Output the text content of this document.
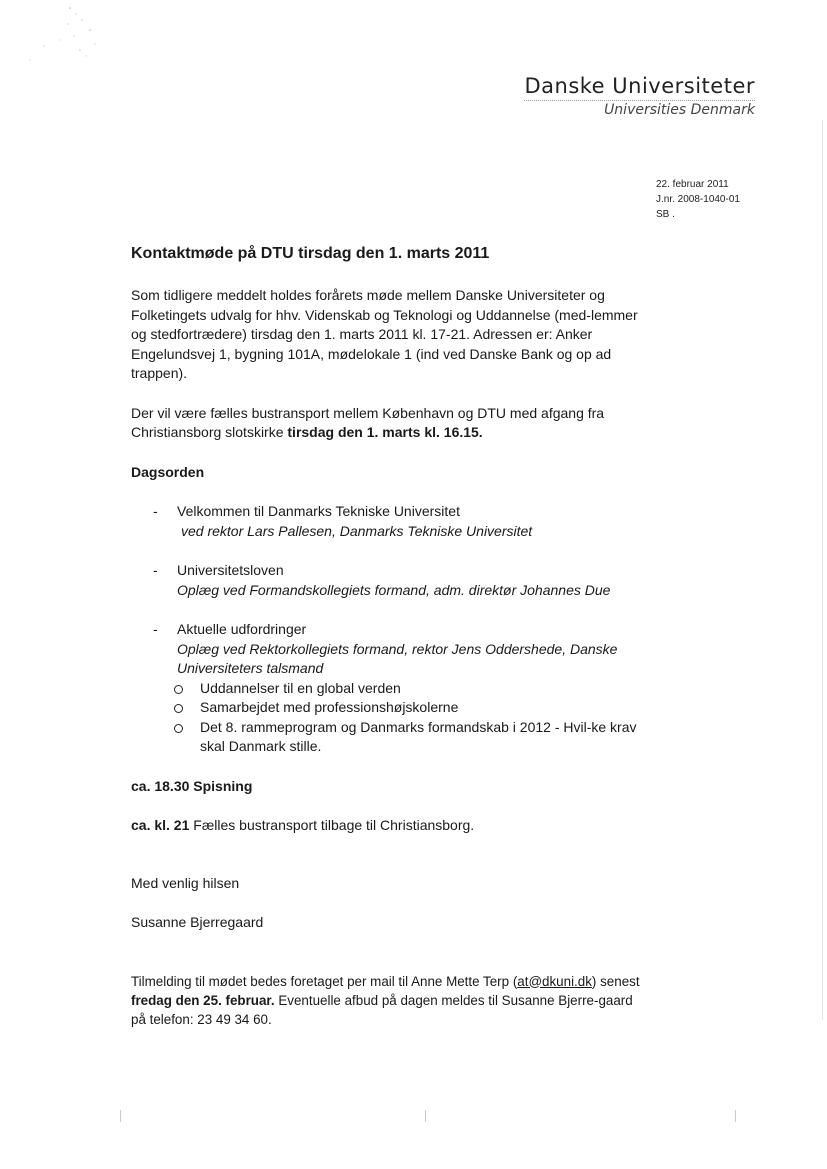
Danske Universiteter
Universities Denmark
22. februar 2011
J.nr. 2008-1040-01
SB .
Kontaktmøde på DTU tirsdag den 1. marts 2011

Som tidligere meddelt holdes forårets møde mellem Danske Universiteter og Folketingets udvalg for hhv. Videnskab og Teknologi og Uddannelse (med-lemmer og stedfortrædere) tirsdag den 1. marts 2011 kl. 17-21. Adressen er: Anker Engelundsvej 1, bygning 101A, mødelokale 1 (ind ved Danske Bank og op ad trappen).

Der vil være fælles bustransport mellem København og DTU med afgang fra Christiansborg slotskirke tirsdag den 1. marts kl. 16.15.

Dagsorden

- Velkommen til Danmarks Tekniske Universitet
ved rektor Lars Pallesen, Danmarks Tekniske Universitet
- Universitetsloven
Oplæg ved Formandskollegiets formand, adm. direktør Johannes Due
- Aktuelle udfordringer
Oplæg ved Rektorkollegiets formand, rektor Jens Oddershede, Danske Universiteters talsmand
Uddannelser til en global verden
Samarbejdet med professionshøjskolerne
Det 8. rammeprogram og Danmarks formandskab i 2012 - Hvil-ke krav skal Danmark stille.

ca. 18.30 Spisning

ca. kl. 21 Fælles bustransport tilbage til Christiansborg.

Med venlig hilsen

Susanne Bjerregaard

Tilmelding til mødet bedes foretaget per mail til Anne Mette Terp (at@dkuni.dk) senest fredag den 25. februar. Eventuelle afbud på dagen meldes til Susanne Bjerre-gaard på telefon: 23 49 34 60.
